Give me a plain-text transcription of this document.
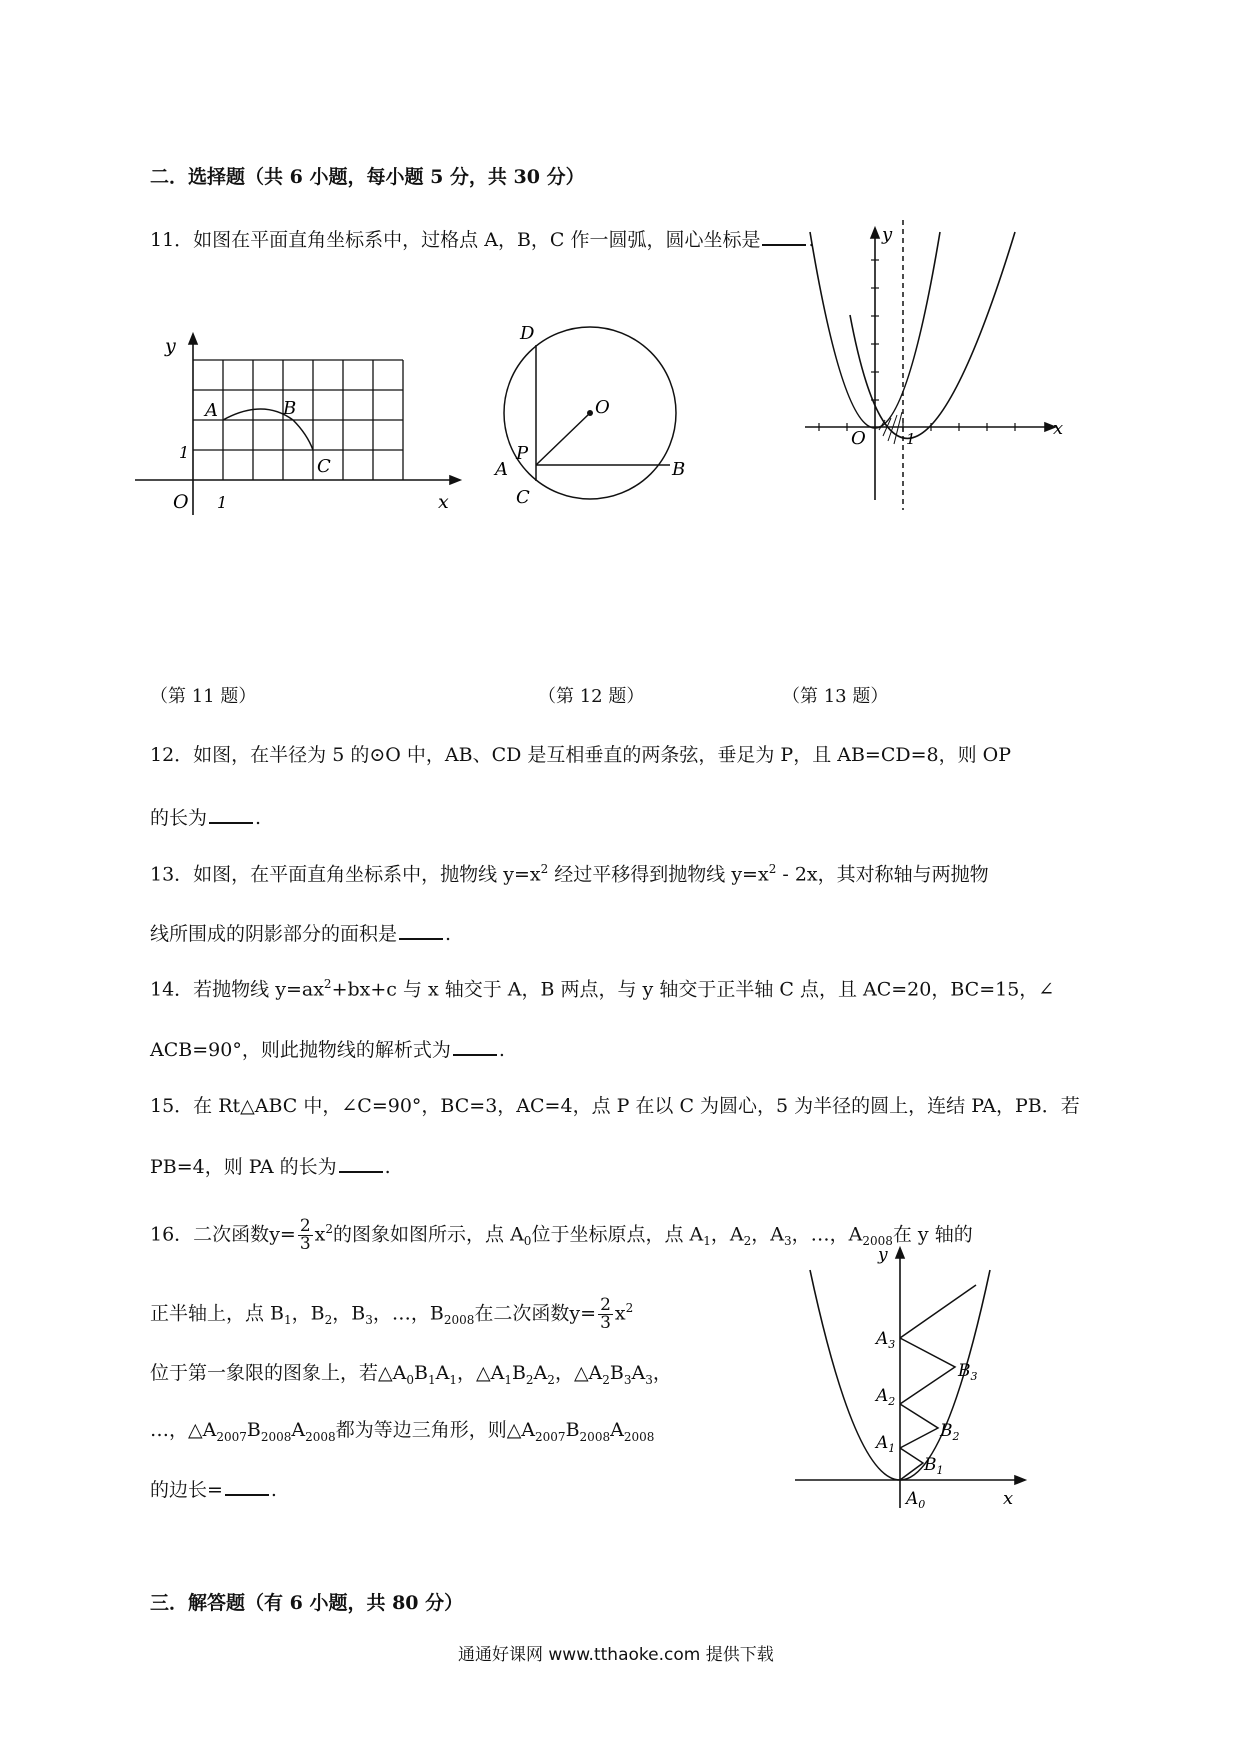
二．选择题（共 6 小题，每小题 5 分，共 30 分）
11．如图在平面直角坐标系中，过格点 A，B，C 作一圆弧，圆心坐标是	.
y
x
O 1
1
A	B
C
D
O
P
A	B
C
y
x
O	1
（第 11 题）	（第 12 题）	（第 13 题）
12．如图，在半径为 5 的⊙O 中，AB、CD 是互相垂直的两条弦，垂足为 P，且 AB=CD=8，则 OP
的长为	.
13．如图，在平面直角坐标系中，抛物线 $y=x^2$ 经过平移得到抛物线 $y=x^2 - 2x$，其对称轴与两抛物
线所围成的阴影部分的面积是	.
14．若抛物线 $y=ax^2+bx+c$ 与 x 轴交于 A，B 两点，与 y 轴交于正半轴 C 点，且 AC=20，BC=15，∠
ACB=90°，则此抛物线的解析式为	.
15．在 Rt△ABC 中，∠C=90°，BC=3，AC=4，点 P 在以 C 为圆心，5 为半径的圆上，连结 PA，PB．若
PB=4，则 PA 的长为	.
16．二次函数$y= \frac{2}{3} x^2$的图象如图所示，点 $A_0$位于坐标原点，点 $A_1$，$A_2$，$A_3$，…，$A_{2008}$在 y 轴的
正半轴上，点 $B_1$，$B_2$，$B_3$，…，$B_{2008}$在二次函数$y= \frac{2}{3} x^2$
位于第一象限的图象上，若$\triangle A_0B_1A_1$，$\triangle A_1B_2A_2$，$\triangle A_2B_3A_3$，
…，$\triangle A_{2007}B_{2008}A_{2008}$都为等边三角形，则$\triangle A_{2007}B_{2008}A_{2008}$
的边长=	.
y
x
$A_0$
$A_1$
$A_2$
$A_3$
$B_1$
$B_2$
$B_3$
三．解答题（有 6 小题，共 80 分）
通通好课网 www.tthaoke.com 提供下载
